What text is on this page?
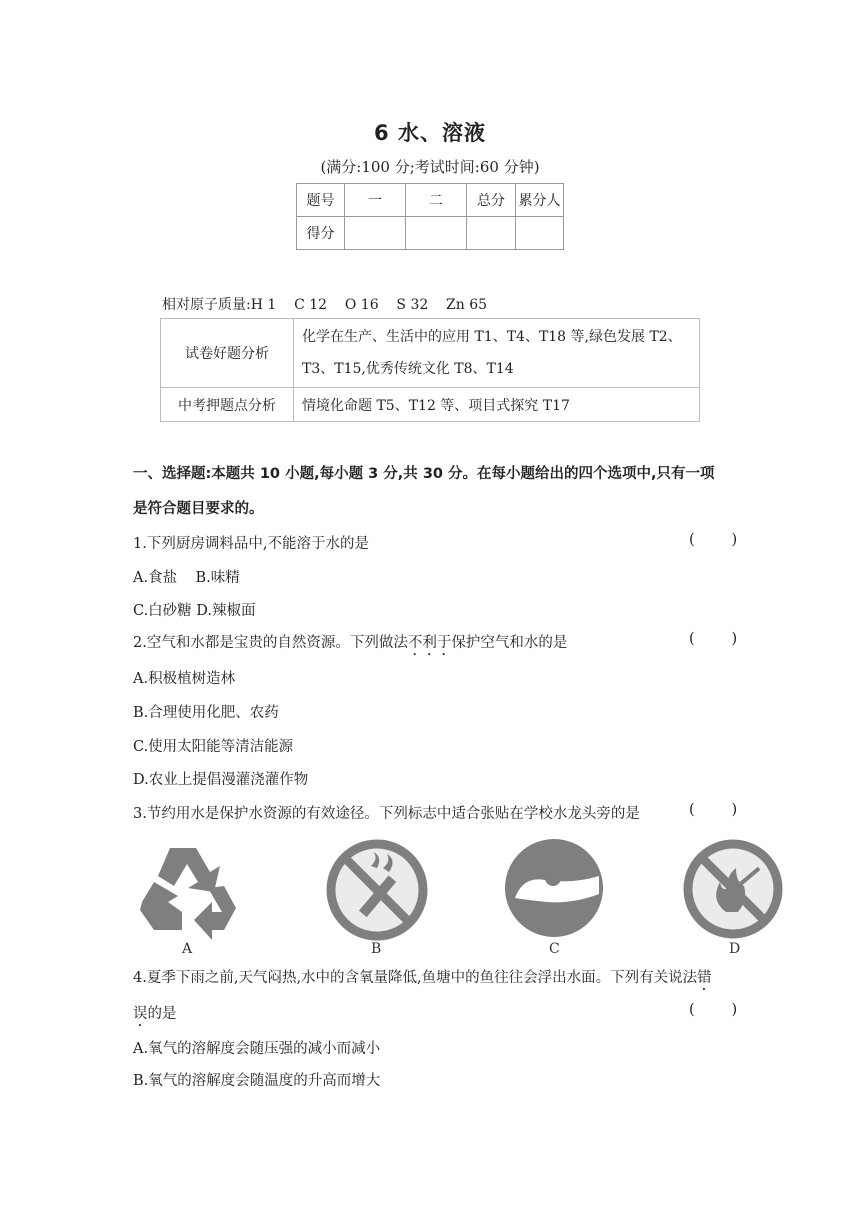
6 水、溶液
(满分:100 分;考试时间:60 分钟)
题号	一	二	总分	累分人
得分				
相对原子质量:H 1    C 12    O 16    S 32    Zn 65
试卷好题分析	化学在生产、生活中的应用 T1、T4、T18 等,绿色发展 T2、
T3、T15,优秀传统文化 T8、T14
中考押题点分析	情境化命题 T5、T12 等、项目式探究 T17
一、选择题:本题共 10 小题,每小题 3 分,共 30 分。在每小题给出的四个选项中,只有一项
是符合题目要求的。
1.下列厨房调料品中,不能溶于水的是	(        )
A.食盐    B.味精
C.白砂糖 D.辣椒面
2.空气和水都是宝贵的自然资源。下列做法不利于保护空气和水的是	(        )
A.积极植树造林
B.合理使用化肥、农药
C.使用太阳能等清洁能源
D.农业上提倡漫灌浇灌作物
3.节约用水是保护水资源的有效途径。下列标志中适合张贴在学校水龙头旁的是	(        )
A	B	C	D
4.夏季下雨之前,天气闷热,水中的含氧量降低,鱼塘中的鱼往往会浮出水面。下列有关说法错
误的是	(        )
A.氧气的溶解度会随压强的减小而减小
B.氧气的溶解度会随温度的升高而增大
